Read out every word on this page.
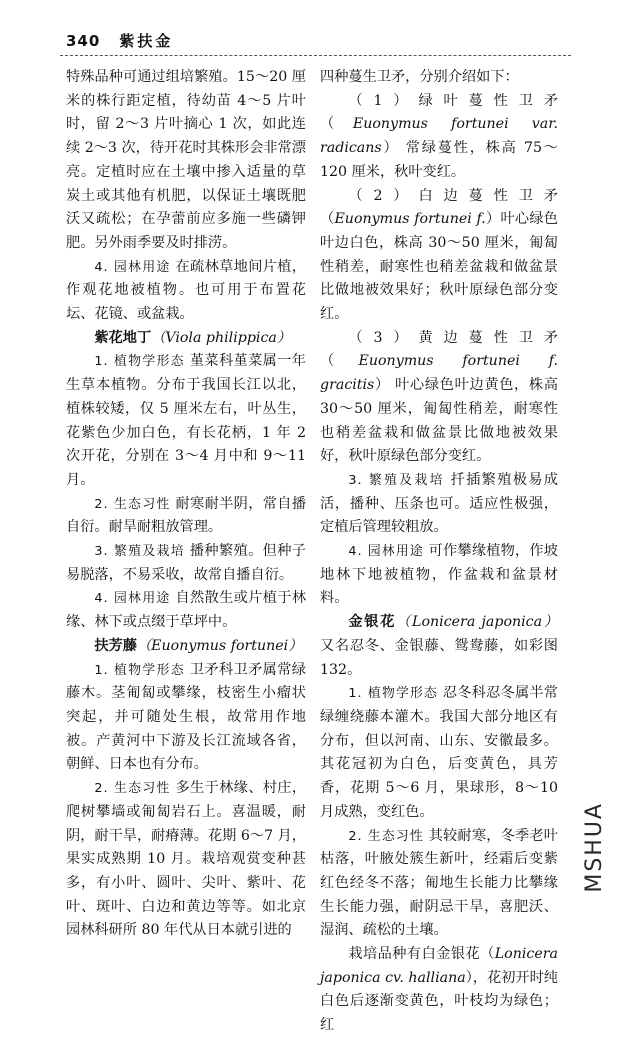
340 紫扶金

特殊品种可通过组培繁殖。15～20 厘米的株行距定植，待幼苗 4～5 片叶时，留 2～3 片叶摘心 1 次，如此连续 2～3 次，待开花时其株形会非常漂亮。定植时应在土壤中掺入适量的草炭土或其他有机肥，以保证土壤既肥沃又疏松；在孕蕾前应多施一些磷钾肥。另外雨季要及时排涝。

4. 园林用途 在疏林草地间片植，作观花地被植物。也可用于布置花坛、花镜、或盆栽。

紫花地丁（Viola philippica）

1. 植物学形态 堇菜科堇菜属一年生草本植物。分布于我国长江以北，植株较矮，仅 5 厘米左右，叶丛生，花紫色少加白色，有长花柄，1 年 2 次开花，分别在 3～4 月中和 9～11 月。

2. 生态习性 耐寒耐半阴，常自播自衍。耐旱耐粗放管理。

3. 繁殖及栽培 播种繁殖。但种子易脱落，不易采收，故常自播自衍。

4. 园林用途 自然散生或片植于林缘、林下或点缀于草坪中。

扶芳藤（Euonymus fortunei）

1. 植物学形态 卫矛科卫矛属常绿藤木。茎匍匐或攀缘，枝密生小瘤状突起，并可随处生根，故常用作地被。产黄河中下游及长江流域各省，朝鲜、日本也有分布。

2. 生态习性 多生于林缘、村庄，爬树攀墙或匍匐岩石上。喜温暖，耐阴，耐干旱，耐瘠薄。花期 6～7 月，果实成熟期 10 月。栽培观赏变种甚多，有小叶、圆叶、尖叶、紫叶、花叶、斑叶、白边和黄边等等。如北京园林科研所 80 年代从日本就引进的

四种蔓生卫矛，分别介绍如下：

（1）绿叶蔓性卫矛（Euonymus fortunei var. radicans） 常绿蔓性，株高 75～120 厘米，秋叶变红。

（2）白边蔓性卫矛（Euonymus fortunei f.）叶心绿色叶边白色，株高 30～50 厘米，匍匐性稍差，耐寒性也稍差盆栽和做盆景比做地被效果好；秋叶原绿色部分变红。

（3）黄边蔓性卫矛（Euonymus fortunei f. gracitis） 叶心绿色叶边黄色，株高 30～50 厘米，匍匐性稍差，耐寒性也稍差盆栽和做盆景比做地被效果好，秋叶原绿色部分变红。

3. 繁殖及栽培 扦插繁殖极易成活，播种、压条也可。适应性极强，定植后管理较粗放。

4. 园林用途 可作攀缘植物，作坡地林下地被植物，作盆栽和盆景材料。

金银花（Lonicera japonica） 又名忍冬、金银藤、鸳鸯藤，如彩图 132。

1. 植物学形态 忍冬科忍冬属半常绿缠绕藤本灌木。我国大部分地区有分布，但以河南、山东、安徽最多。其花冠初为白色，后变黄色，具芳香，花期 5～6 月，果球形，8～10 月成熟，变红色。

2. 生态习性 其较耐寒，冬季老叶枯落，叶腋处簇生新叶，经霜后变紫红色经冬不落；匍地生长能力比攀缘生长能力强，耐阴忌干旱，喜肥沃、湿润、疏松的土壤。

栽培品种有白金银花（Lonicera japonica cv. halliana），花初开时纯白色后逐渐变黄色，叶枝均为绿色；红

MSHUA
